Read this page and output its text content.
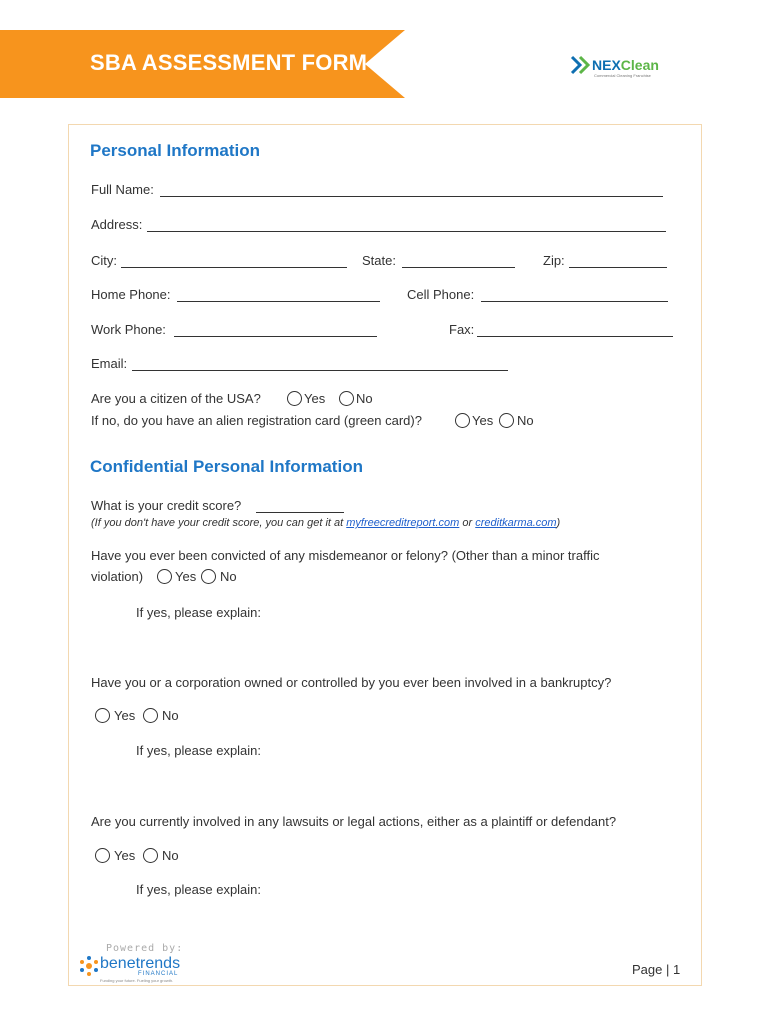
SBA ASSESSMENT FORM	NEXClean
Commercial Cleaning Franchise
Personal Information
Full Name:
Address:
City:	State:	Zip:
Home Phone:	Cell Phone:
Work Phone:	Fax:
Email:
Are you a citizen of the USA?	Yes No
If no, do you have an alien registration card (green card)?	Yes No
Confidential Personal Information
What is your credit score?
(If you don't have your credit score, you can get it at myfreecreditreport.com or creditkarma.com)
Have you ever been convicted of any misdemeanor or felony? (Other than a minor traffic
violation) Yes No
If yes, please explain:
Have you or a corporation owned or controlled by you ever been involved in a bankruptcy?
Yes No
If yes, please explain:
Are you currently involved in any lawsuits or legal actions, either as a plaintiff or defendant?
Yes No
If yes, please explain:
Powered by:
benetrends
FINANCIAL
Funding your future. Fueling your growth.
Page | 1
